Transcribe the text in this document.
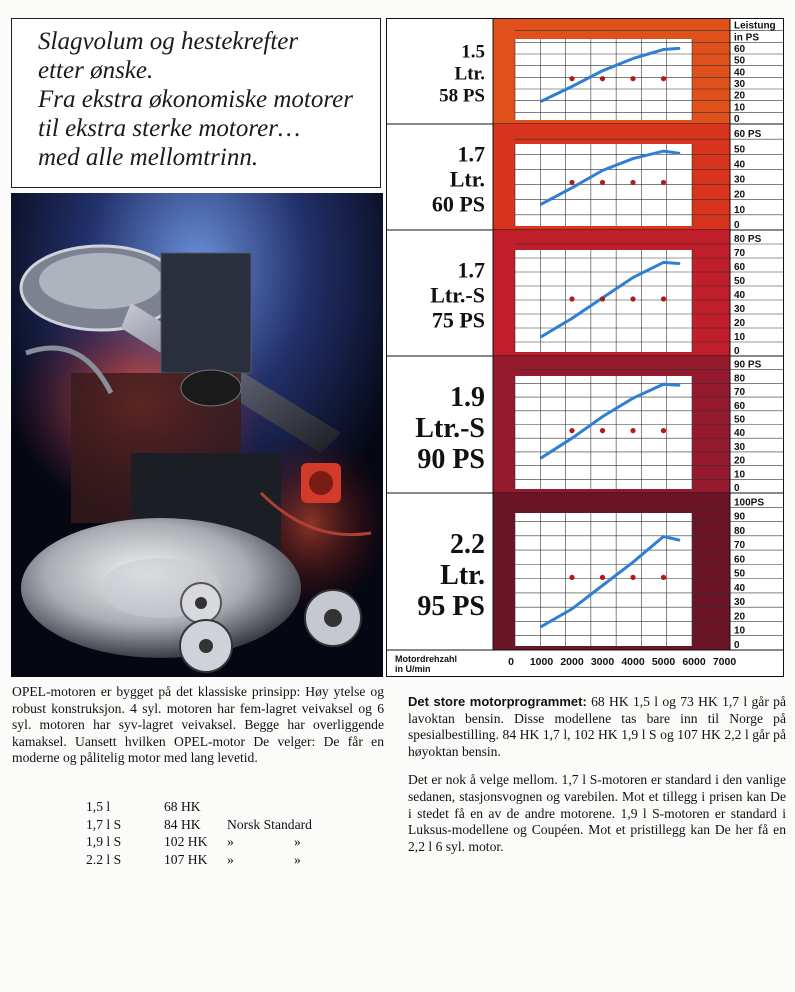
Slagvolum og hestekrefter
etter ønske.
Fra ekstra økonomiske motorer
til ekstra sterke motorer…
med alle mellomtrinn.
Leistung
in PS
60
50
40
30
20
10
0
1.5
Ltr.
58 PS
60 PS
50
40
30
20
10
0
1.7
Ltr.
60 PS
80 PS
70
60
50
40
30
20
10
0
1.7
Ltr.-S
75 PS
90 PS
80
70
60
50
40
30
20
10
0
1.9
Ltr.-S
90 PS
100PS
90
80
70
60
50
40
30
20
10
0
2.2
Ltr.
95 PS
Motordrehzahl
in U/min
0 1000 2000 3000 4000 5000 6000 7000

OPEL-motoren er bygget på det klassiske prinsipp: Høy ytelse og robust konstruksjon. 4 syl. motoren har fem-lagret veivaksel og 6 syl. motoren har syv-lagret veivaksel. Begge har overliggende kamaksel. Uansett hvilken OPEL-motor De velger: De får en moderne og pålitelig motor med lang levetid.

1,5 l	68 HK
1,7 l S	84 HK Norsk Standard
1,9 l S	102 HK »	»
2.2 l S	107 HK »	»

Det store motorprogrammet: 68 HK 1,5 l og 73 HK 1,7 l går på lavoktan bensin. Disse modellene tas bare inn til Norge på spesialbestilling. 84 HK 1,7 l, 102 HK 1,9 l S og 107 HK 2,2 l går på høyoktan bensin.

Det er nok å velge mellom. 1,7 l S-motoren er standard i den vanlige sedanen, stasjonsvognen og varebilen. Mot et tillegg i prisen kan De i stedet få en av de andre motorene. 1,9 l S-motoren er standard i Luksus-modellene og Coupéen. Mot et pristillegg kan De her få en 2,2 l 6 syl. motor.
